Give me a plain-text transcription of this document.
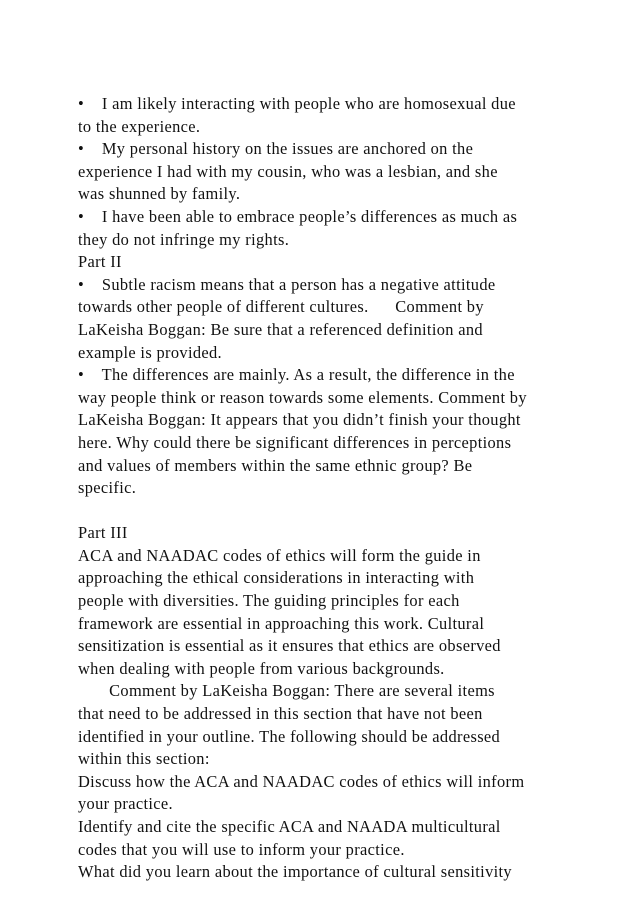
•    I am likely interacting with people who are homosexual due
to the experience.
•    My personal history on the issues are anchored on the
experience I had with my cousin, who was a lesbian, and she
was shunned by family.
•    I have been able to embrace people’s differences as much as
they do not infringe my rights.
Part II
•    Subtle racism means that a person has a negative attitude
towards other people of different cultures.      Comment by
LaKeisha Boggan: Be sure that a referenced definition and
example is provided.
•    The differences are mainly. As a result, the difference in the
way people think or reason towards some elements. Comment by
LaKeisha Boggan: It appears that you didn’t finish your thought
here. Why could there be significant differences in perceptions
and values of members within the same ethnic group? Be
specific.
Part III
ACA and NAADAC codes of ethics will form the guide in
approaching the ethical considerations in interacting with
people with diversities. The guiding principles for each
framework are essential in approaching this work. Cultural
sensitization is essential as it ensures that ethics are observed
when dealing with people from various backgrounds.
Comment by LaKeisha Boggan: There are several items
that need to be addressed in this section that have not been
identified in your outline. The following should be addressed
within this section:
Discuss how the ACA and NAADAC codes of ethics will inform
your practice.
Identify and cite the specific ACA and NAADA multicultural
codes that you will use to inform your practice.
What did you learn about the importance of cultural sensitivity
